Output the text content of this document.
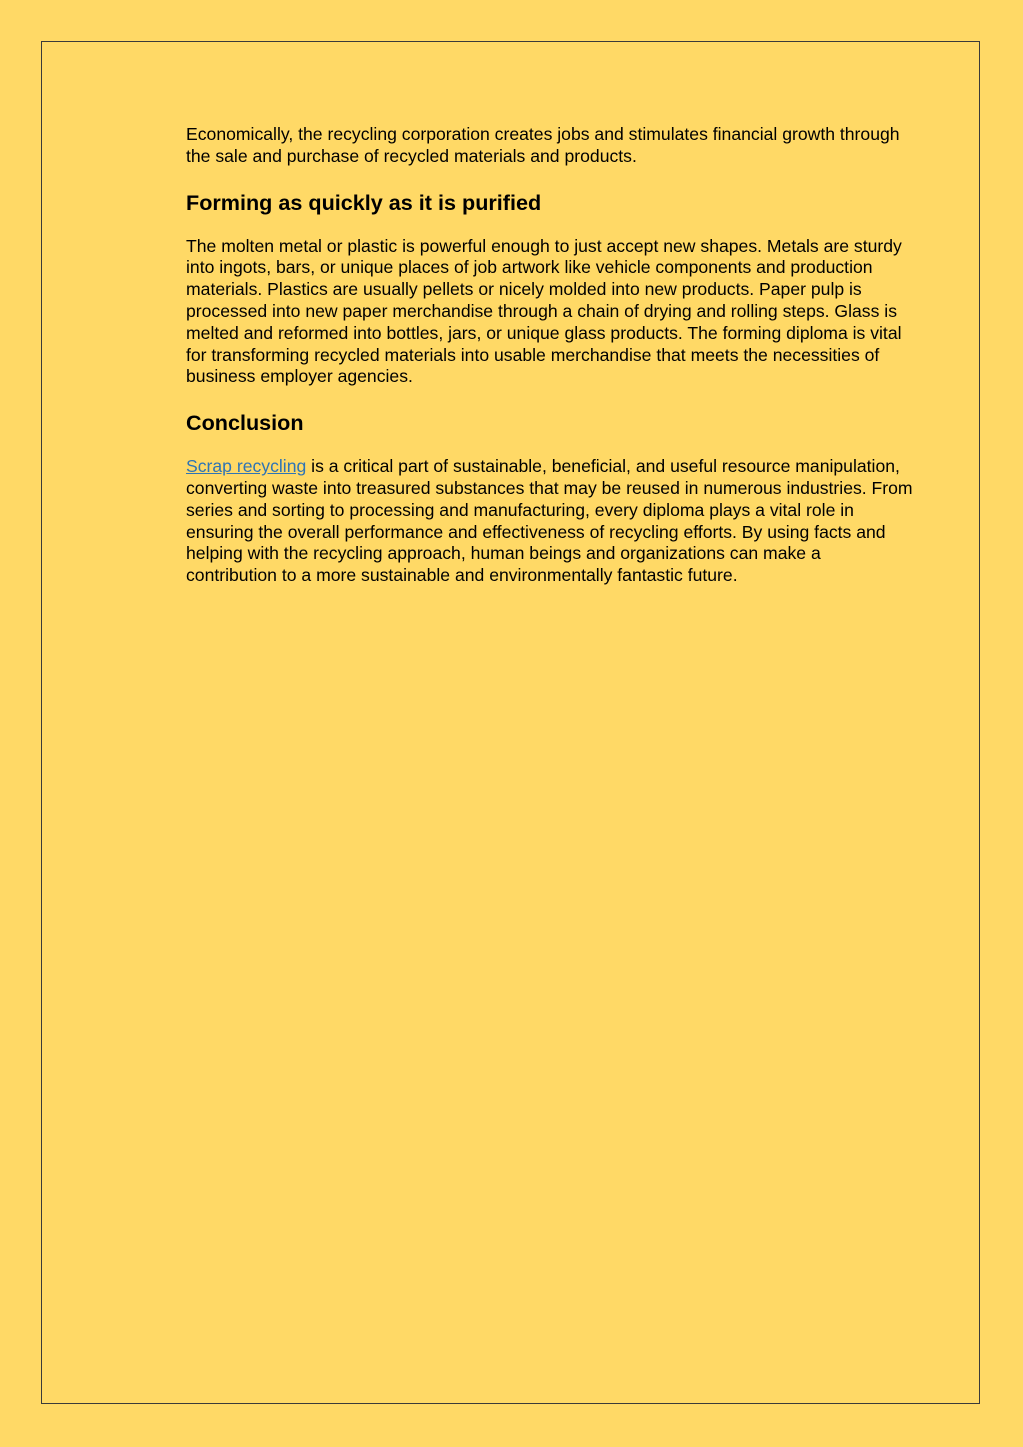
Economically, the recycling corporation creates jobs and stimulates financial growth through the sale and purchase of recycled materials and products.

Forming as quickly as it is purified

The molten metal or plastic is powerful enough to just accept new shapes. Metals are sturdy into ingots, bars, or unique places of job artwork like vehicle components and production materials. Plastics are usually pellets or nicely molded into new products. Paper pulp is processed into new paper merchandise through a chain of drying and rolling steps. Glass is melted and reformed into bottles, jars, or unique glass products. The forming diploma is vital for transforming recycled materials into usable merchandise that meets the necessities of business employer agencies.

Conclusion

Scrap recycling is a critical part of sustainable, beneficial, and useful resource manipulation, converting waste into treasured substances that may be reused in numerous industries. From series and sorting to processing and manufacturing, every diploma plays a vital role in ensuring the overall performance and effectiveness of recycling efforts. By using facts and helping with the recycling approach, human beings and organizations can make a contribution to a more sustainable and environmentally fantastic future.
